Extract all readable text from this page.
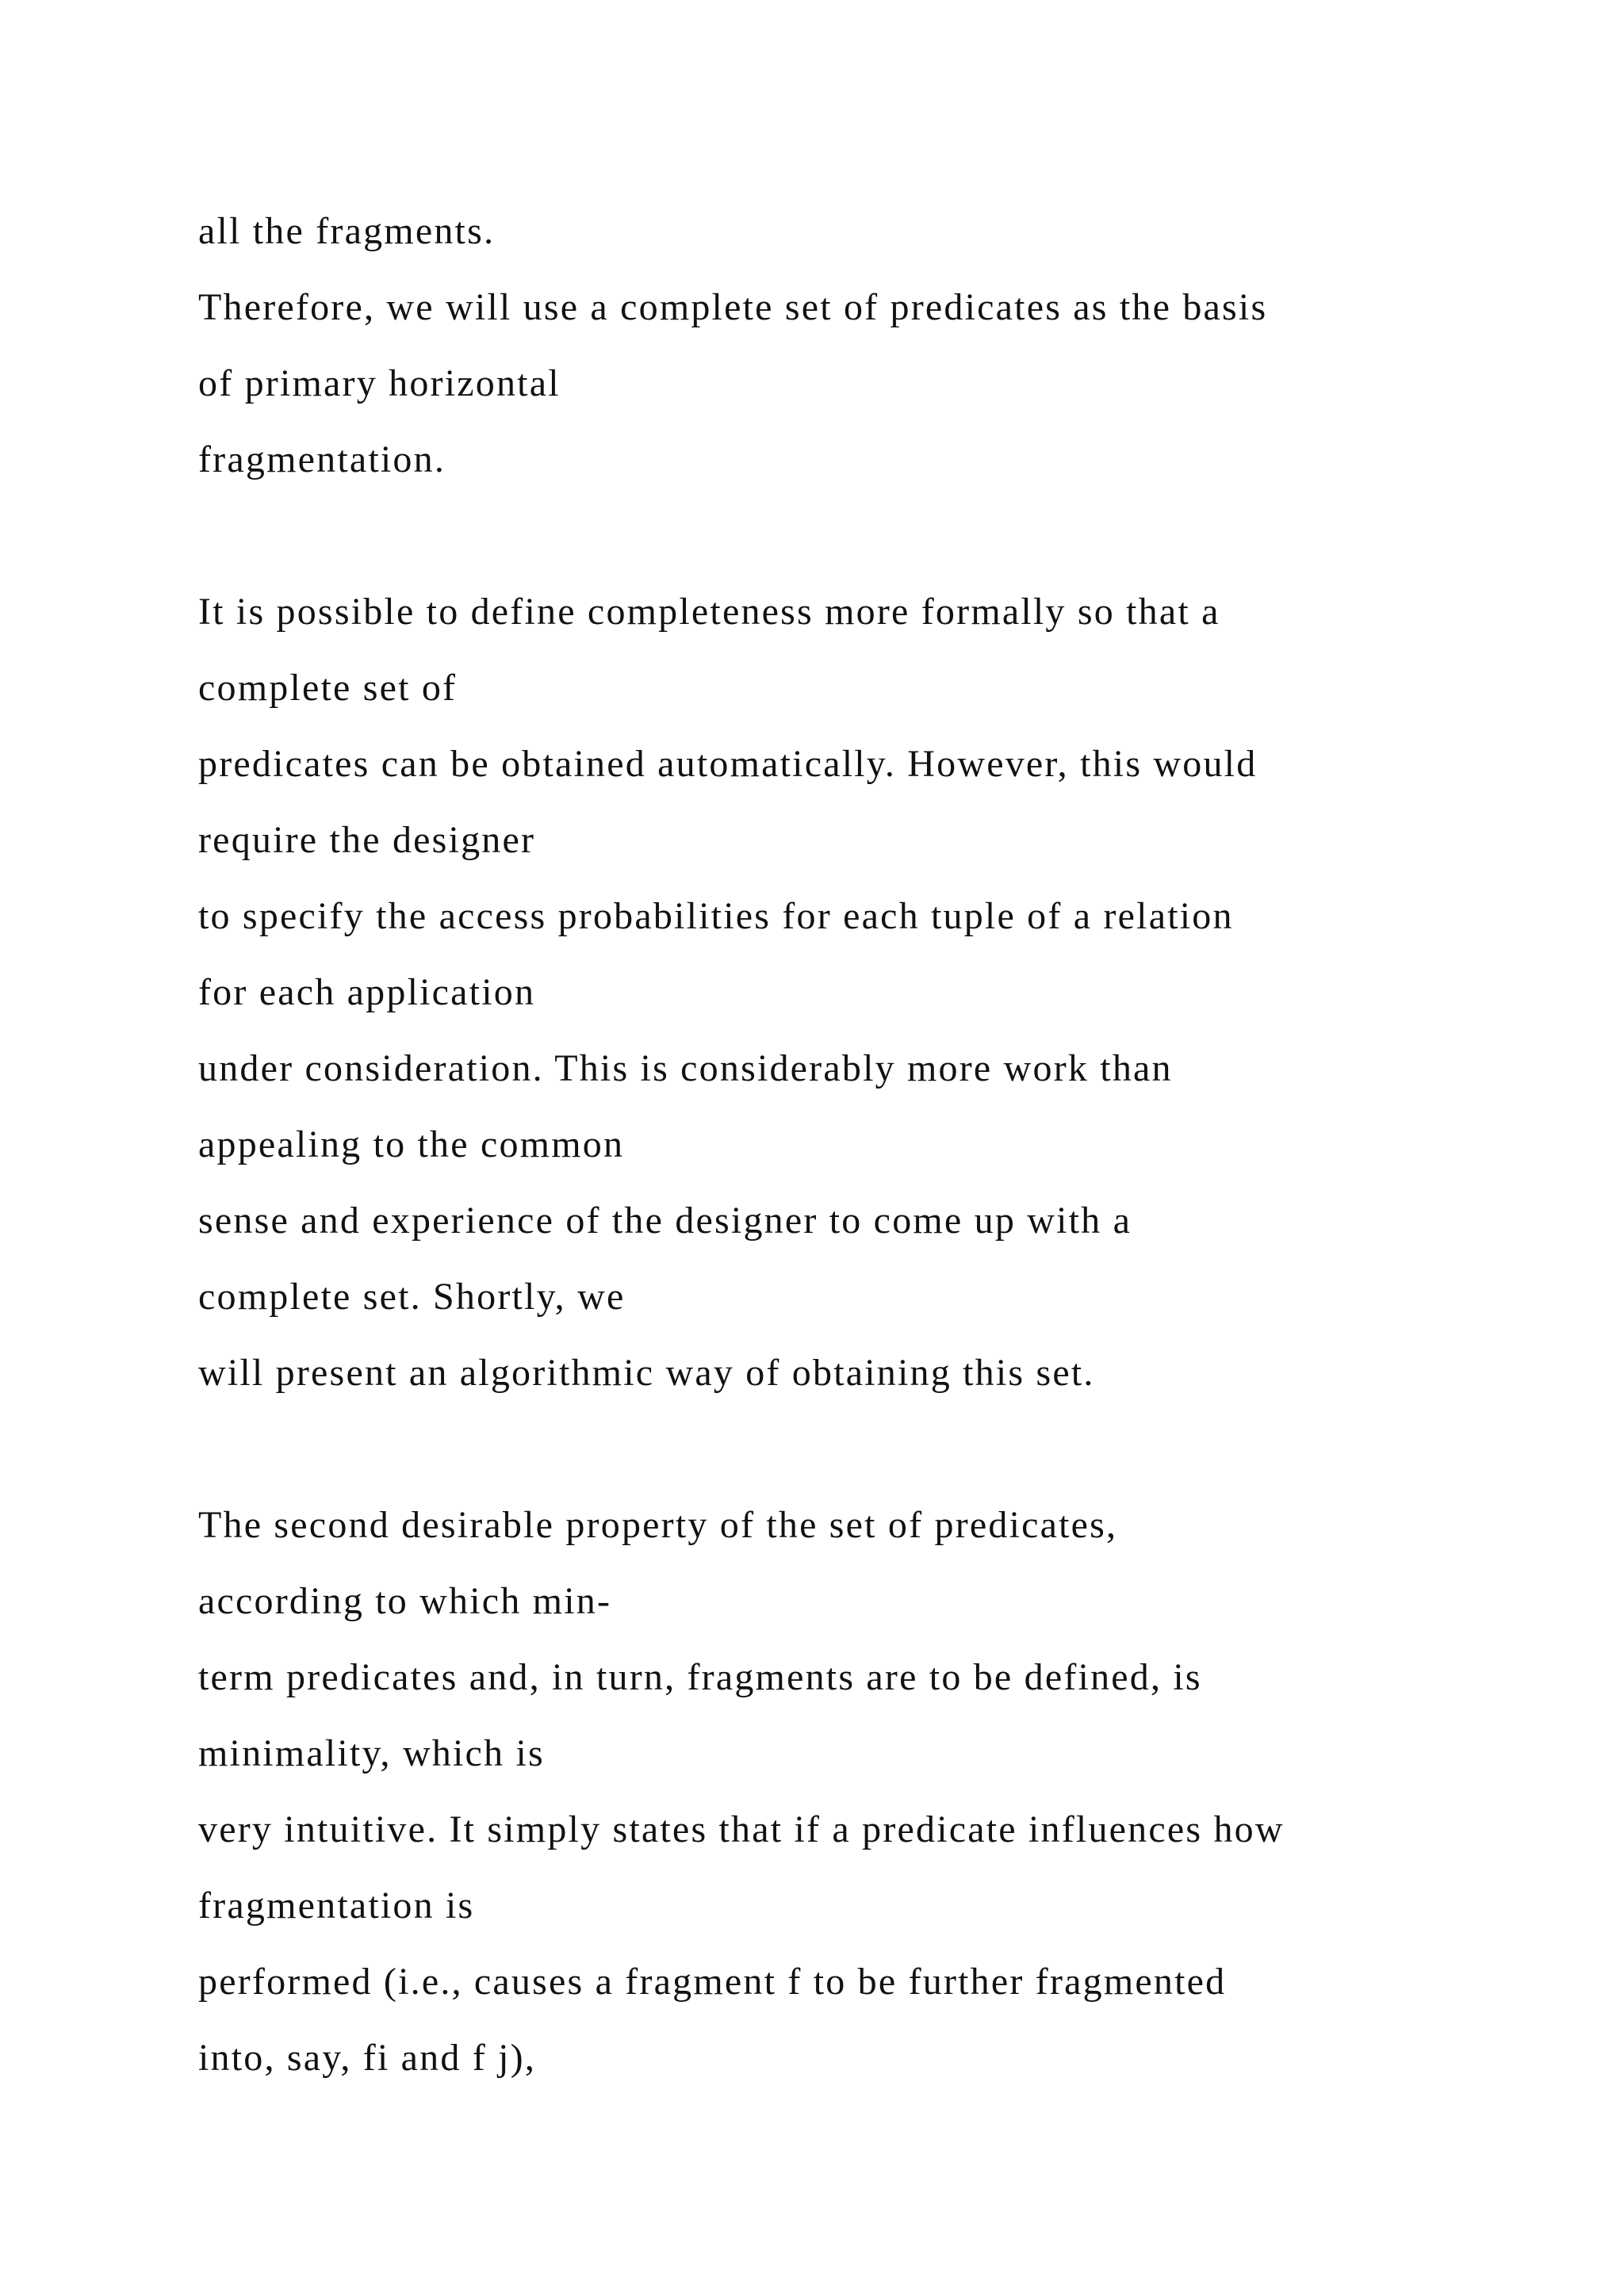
all the fragments.
Therefore, we will use a complete set of predicates as the basis
of primary horizontal
fragmentation.
It is possible to define completeness more formally so that a
complete set of
predicates can be obtained automatically. However, this would
require the designer
to specify the access probabilities for each tuple of a relation
for each application
under consideration. This is considerably more work than
appealing to the common
sense and experience of the designer to come up with a
complete set. Shortly, we
will present an algorithmic way of obtaining this set.
The second desirable property of the set of predicates,
according to which min-
term predicates and, in turn, fragments are to be defined, is
minimality, which is
very intuitive. It simply states that if a predicate influences how
fragmentation is
performed (i.e., causes a fragment f to be further fragmented
into, say, fi and f j),
